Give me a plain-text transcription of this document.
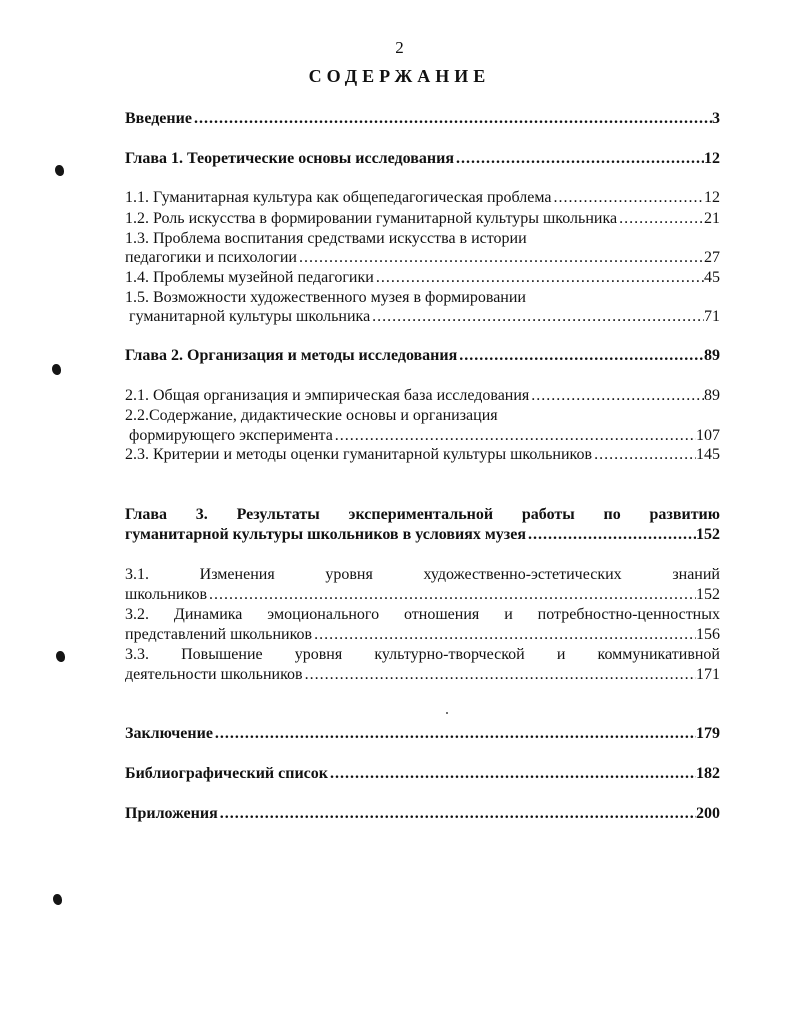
2
СОДЕРЖАНИЕ
Введение .....	3
Глава 1. Теоретические основы исследования .....	12
1.1. Гуманитарная культура как общепедагогическая проблема .....	12
1.2. Роль искусства в формировании гуманитарной культуры школьника .....	21
1.3. Проблема воспитания средствами искусства в истории
педагогики и психологии .....	27
1.4. Проблемы музейной педагогики .....	45
1.5. Возможности художественного музея в формировании
гуманитарной культуры школьника .....	71
Глава 2. Организация и методы исследования .....	89
2.1. Общая организация и эмпирическая база исследования .....	89
2.2.Содержание, дидактические основы и организация
формирующего эксперимента .....	107
2.3. Критерии и методы оценки гуманитарной культуры школьников .....	145
Глава 3. Результаты экспериментальной работы по развитию
гуманитарной культуры школьников в условиях музея .....	152
3.1. Изменения уровня художественно-эстетических знаний
школьников .....	152
3.2. Динамика эмоционального отношения и потребностно-ценностных
представлений школьников .....	156
3.3. Повышение уровня культурно-творческой и коммуникативной
деятельности школьников .....	171
Заключение .....	179
Библиографический список .....	182
Приложения .....	200
